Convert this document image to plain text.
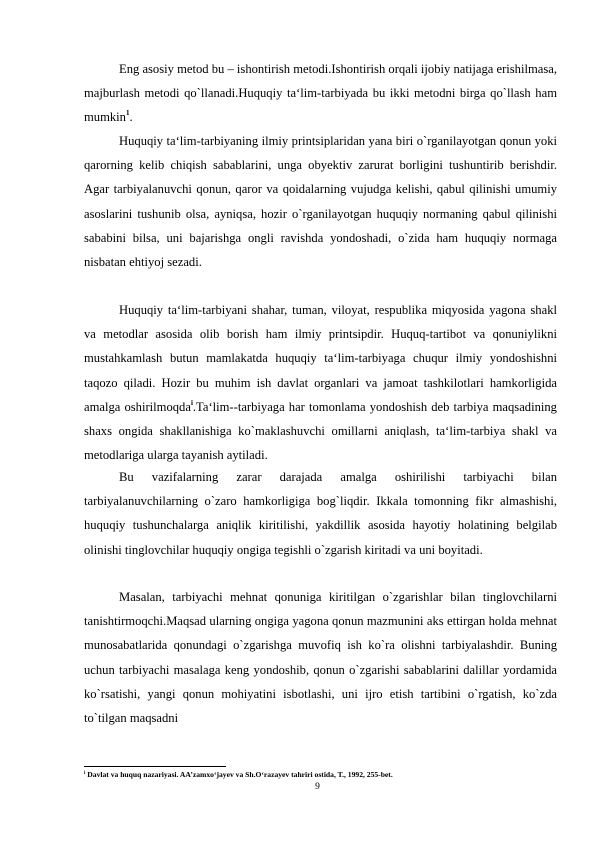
Eng asosiy metod bu – ishontirish metodi.Ishontirish orqali ijobiy natijaga erishilmasa, majburlash metodi qo`llanadi.Huquqiy ta‘lim-tarbiyada bu ikki metodni birga qo`llash ham mumkin$^1$.

Huquqiy ta‘lim-tarbiyaning ilmiy printsiplaridan yana biri o`rganilayotgan qonun yoki qarorning kelib chiqish sabablarini, unga obyektiv zarurat borligini tushuntirib berishdir. Agar tarbiyalanuvchi qonun, qaror va qoidalarning vujudga kelishi, qabul qilinishi umumiy asoslarini tushunib olsa, ayniqsa, hozir o`rganilayotgan huquqiy normaning qabul qilinishi sababini bilsa, uni bajarishga ongli ravishda yondoshadi, o`zida ham huquqiy normaga nisbatan ehtiyoj sezadi.

Huquqiy ta‘lim-tarbiyani shahar, tuman, viloyat, respublika miqyosida yagona shakl va metodlar asosida olib borish ham ilmiy printsipdir. Huquq-tartibot va qonuniylikni mustahkamlash butun mamlakatda huquqiy ta‘lim-tarbiyaga chuqur ilmiy yondoshishni taqozo qiladi. Hozir bu muhim ish davlat organlari va jamoat tashkilotlari hamkorligida amalga oshirilmoqda$^i$.Ta‘lim--tarbiyaga har tomonlama yondoshish deb tarbiya maqsadining shaxs ongida shakllanishiga ko`maklashuvchi omillarni aniqlash, ta‘lim-tarbiya shakl va metodlariga ularga tayanish aytiladi.

Bu vazifalarning zarar darajada amalga oshirilishi tarbiyachi bilan tarbiyalanuvchilarning o`zaro hamkorligiga bog`liqdir. Ikkala tomonning fikr almashishi, huquqiy tushunchalarga aniqlik kiritilishi, yakdillik asosida hayotiy holatining belgilab olinishi tinglovchilar huquqiy ongiga tegishli o`zgarish kiritadi va uni boyitadi.

Masalan, tarbiyachi mehnat qonuniga kiritilgan o`zgarishlar bilan tinglovchilarni tanishtirmoqchi.Maqsad ularning ongiga yagona qonun mazmunini aks ettirgan holda mehnat munosabatlarida qonundagi o`zgarishga muvofiq ish ko`ra olishni tarbiyalashdir. Buning uchun tarbiyachi masalaga keng yondoshib, qonun o`zgarishi sabablarini dalillar yordamida ko`rsatishi, yangi qonun mohiyatini isbotlashi, uni ijro etish tartibini o`rgatish, ko`zda to`tilgan maqsadni

$^i$ Davlat va huquq nazariyasi. AA’zamxo‘jayev va Sh.O‘razayev tahriri ostida, T., 1992, 255-bet.
9
